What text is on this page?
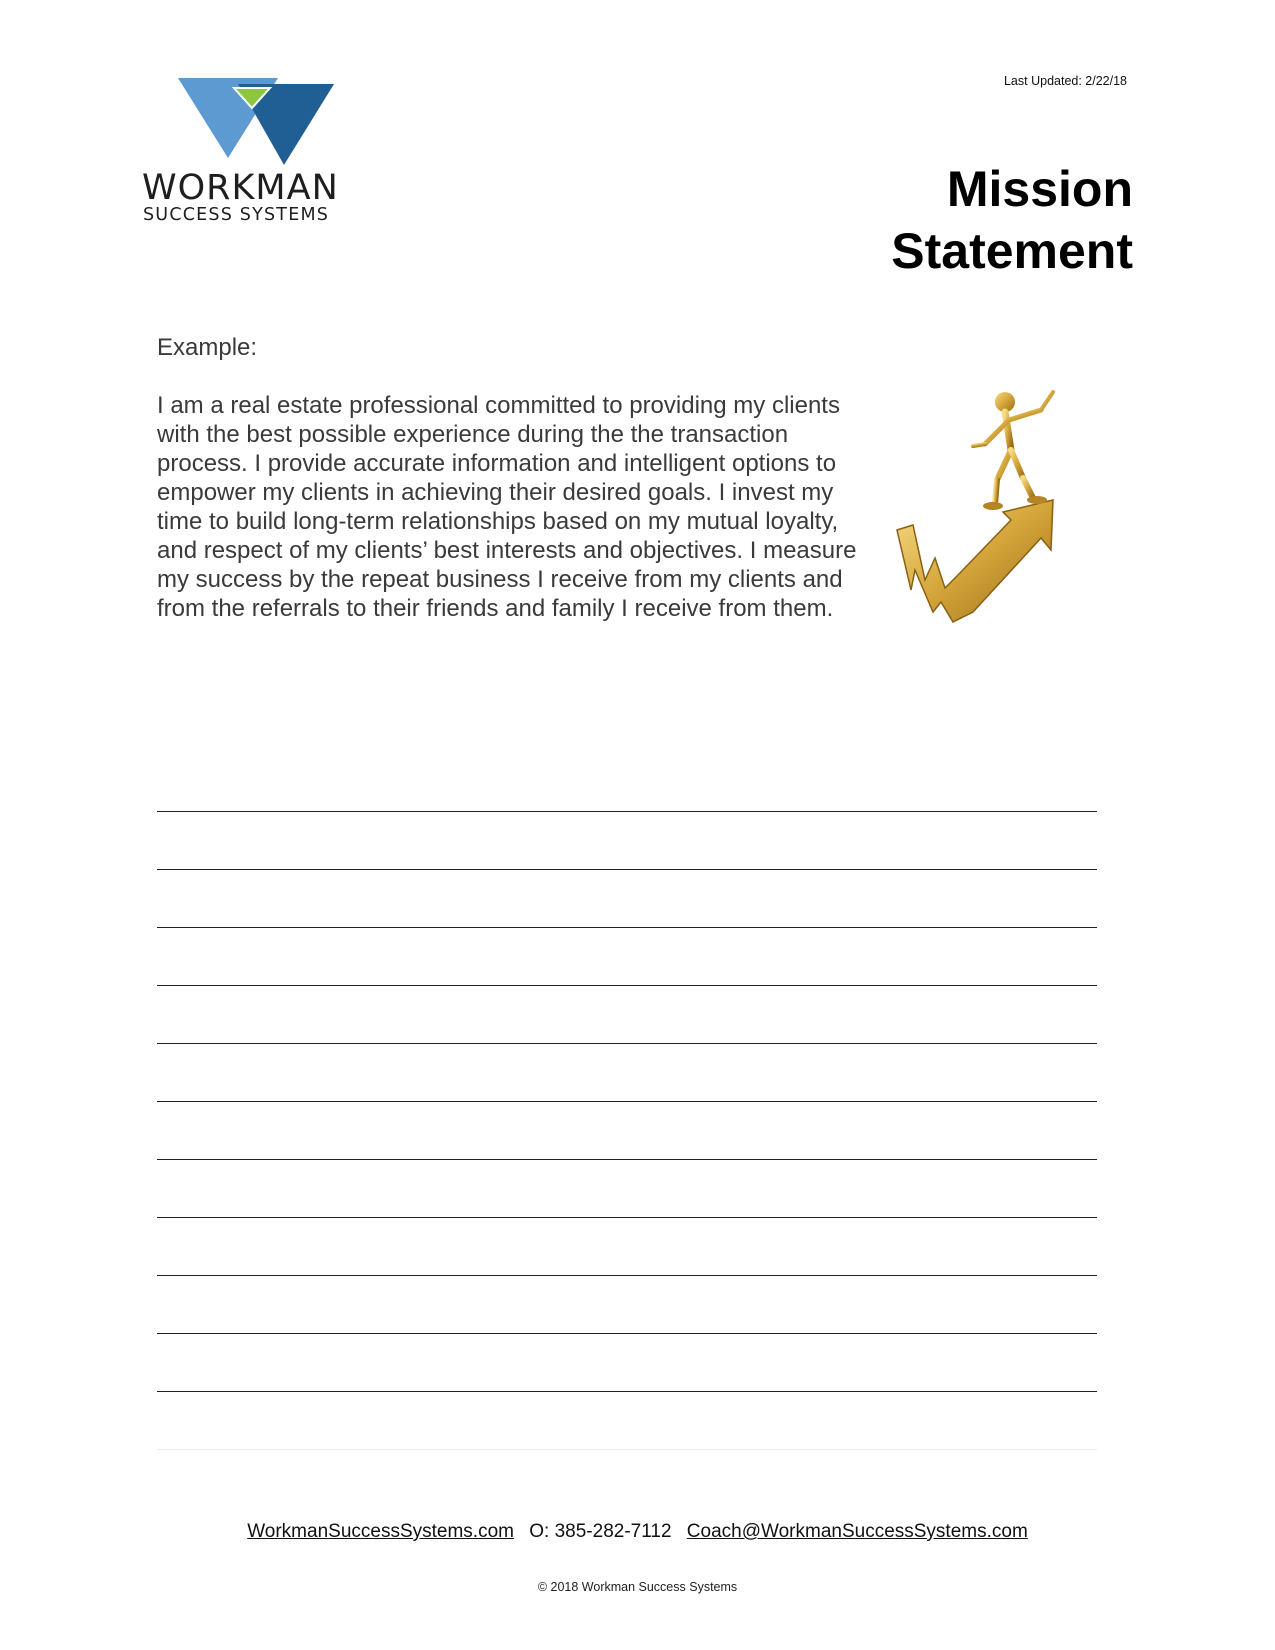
WORKMAN
SUCCESS SYSTEMS
Last Updated: 2/22/18
Mission
Statement
Example:

I am a real estate professional committed to providing my clients with the best possible experience during the the transaction process. I provide accurate information and intelligent options to empower my clients in achieving their desired goals. I invest my time to build long-term relationships based on my mutual loyalty, and respect of my clients’ best interests and objectives. I measure my success by the repeat business I receive from my clients and from the referrals to their friends and family I receive from them.

WorkmanSuccessSystems.com O: 385-282-7112 Coach@WorkmanSuccessSystems.com
© 2018 Workman Success Systems
